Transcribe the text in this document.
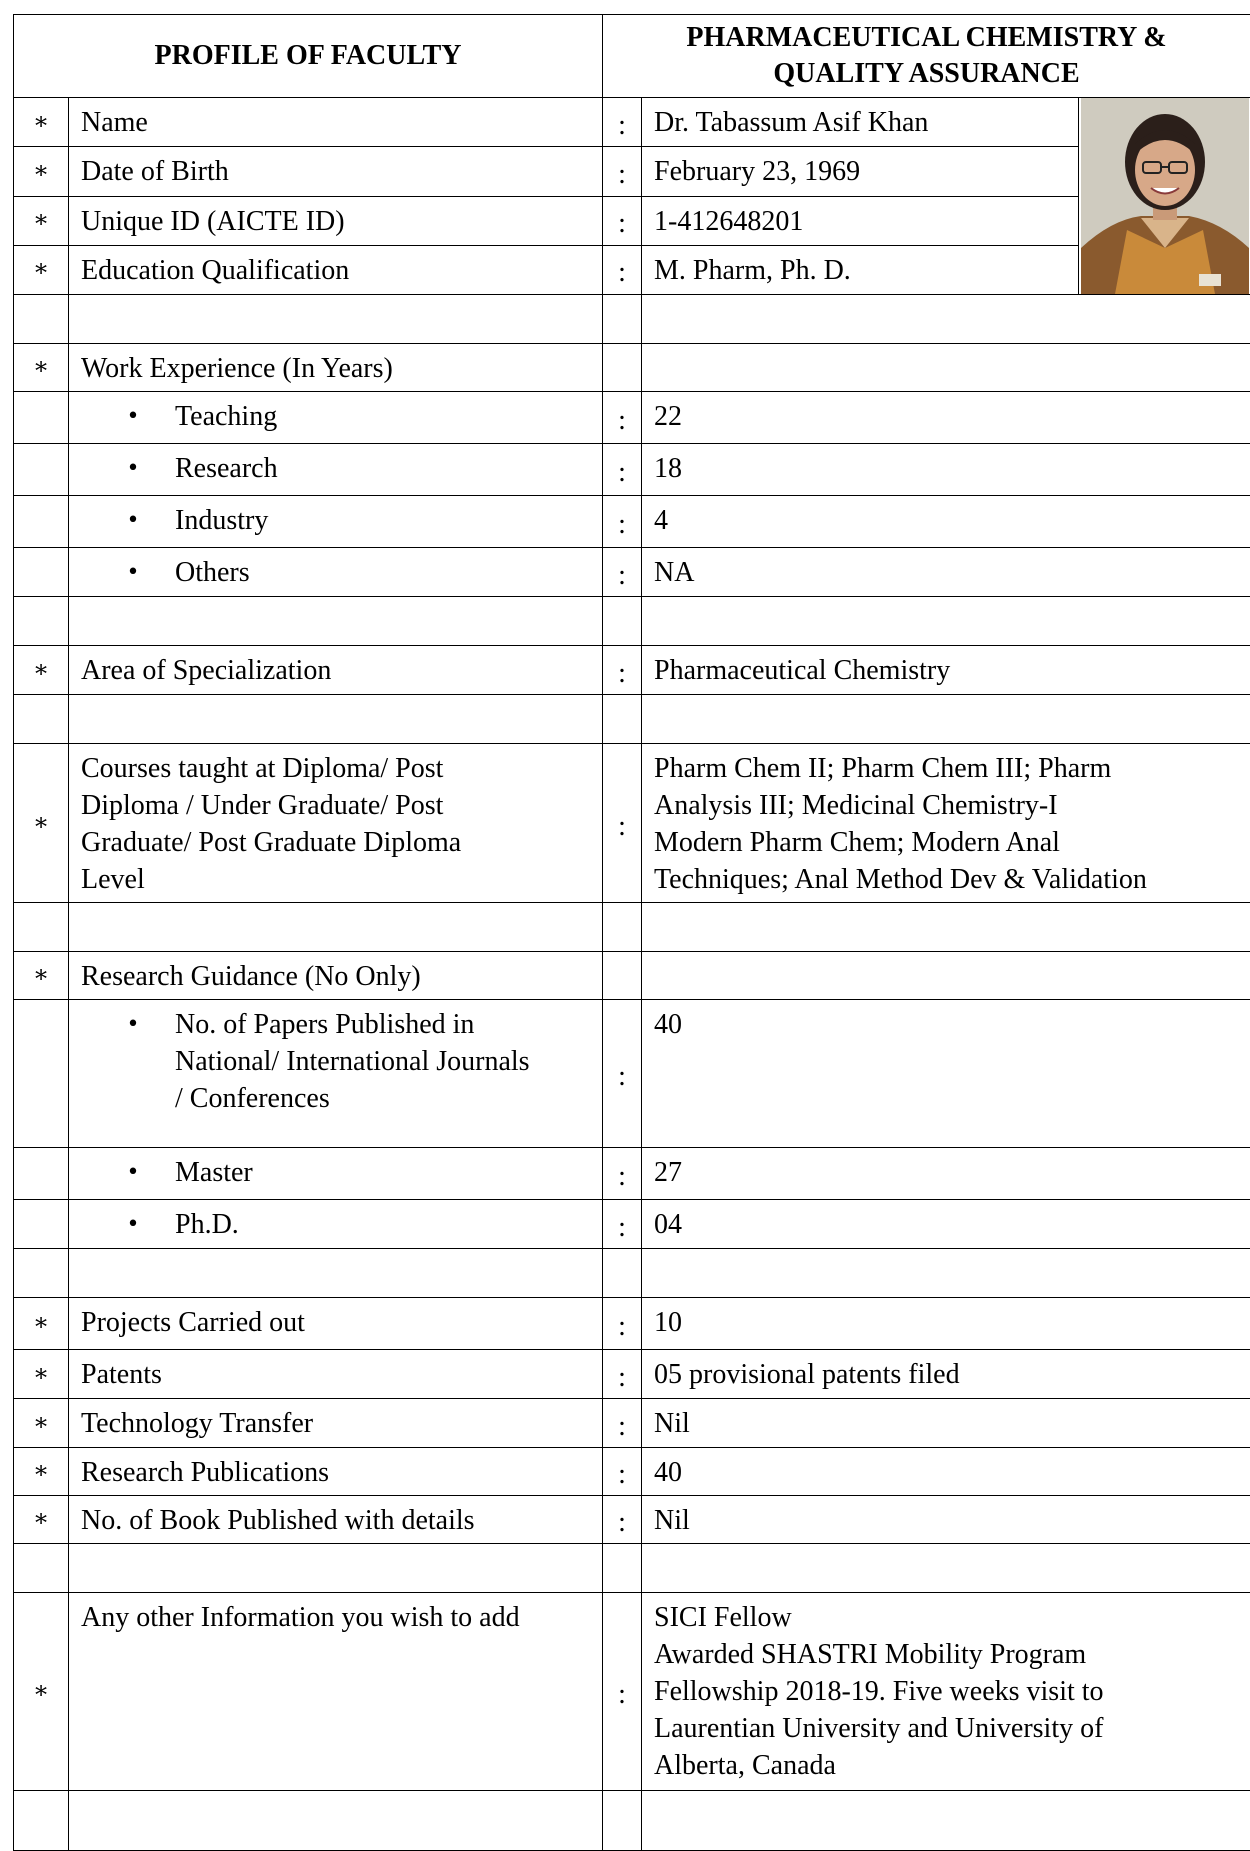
PROFILE OF FACULTY		PHARMACEUTICAL CHEMISTRY &
QUALITY ASSURANCE		

∗	Name	:	Dr. Tabassum Asif Khan	

∗	Date of Birth	:	February 23, 1969	
∗	Unique ID (AICTE ID)	:	1-412648201	
∗	Education Qualification	:	M. Pharm, Ph. D.	

∗	Work Experience (In Years)			

	• Teaching	:	22	

	• Research	:	18	

	• Industry	:	4	

	• Others	:	NA	

∗	Area of Specialization	:	Pharmaceutical Chemistry	

∗	Courses taught at Diploma/ Post
Diploma / Under Graduate/ Post
Graduate/ Post Graduate Diploma
Level	:	Pharm Chem II; Pharm Chem III; Pharm
Analysis III; Medicinal Chemistry-I
Modern Pharm Chem; Modern Anal
Techniques; Anal Method Dev & Validation	

∗	Research Guidance (No Only)			

	• No. of Papers Published in
National/ International Journals
/ Conferences	:	40	

	• Master	:	27	

	• Ph.D.	:	04	

∗	Projects Carried out	:	10	
∗	Patents	:	05 provisional patents filed	
∗	Technology Transfer	:	Nil	
∗	Research Publications	:	40	
∗	No. of Book Published with details	:	Nil	

∗	Any other Information you wish to add	:	SICI Fellow
Awarded SHASTRI Mobility Program
Fellowship 2018-19. Five weeks visit to
Laurentian University and University of
Alberta, Canada	
